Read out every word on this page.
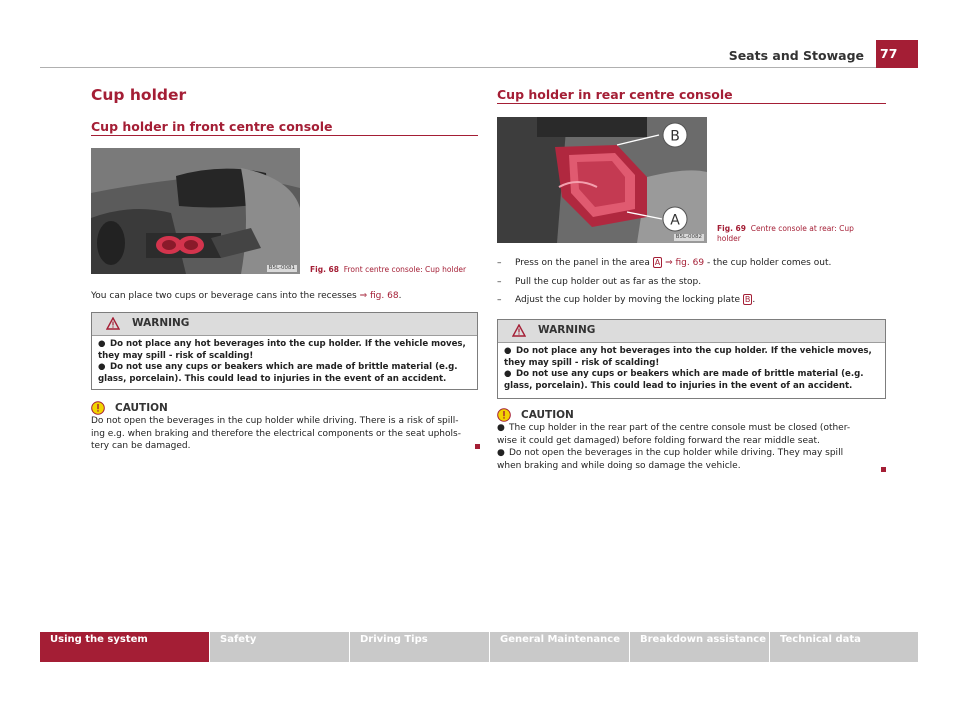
Seats and Stowage	77
Cup holder
Cup holder in front centre console
B5L-0081 Fig. 68 Front centre console: Cup holder
You can place two cups or beverage cans into the recesses ⇒ fig. 68.
WARNING
● Do not place any hot beverages into the cup holder. If the vehicle moves, they may spill - risk of scalding!
● Do not use any cups or beakers which are made of brittle material (e.g. glass, porcelain). This could lead to injuries in the event of an accident.
CAUTION
Do not open the beverages in the cup holder while driving. There is a risk of spill-
ing e.g. when braking and therefore the electrical components or the seat uphols-
tery can be damaged.
Cup holder in rear centre console
B
A
B5L-0082
Fig. 69 Centre console at rear: Cup
holder
– Press on the panel in the area A ⇒ fig. 69 - the cup holder comes out.
– Pull the cup holder out as far as the stop.
– Adjust the cup holder by moving the locking plate B .
WARNING
● Do not place any hot beverages into the cup holder. If the vehicle moves, they may spill - risk of scalding!
● Do not use any cups or beakers which are made of brittle material (e.g. glass, porcelain). This could lead to injuries in the event of an accident.
CAUTION
● The cup holder in the rear part of the centre console must be closed (other-
wise it could get damaged) before folding forward the rear middle seat.
● Do not open the beverages in the cup holder while driving. They may spill
when braking and while doing so damage the vehicle.
Using the system	Safety	Driving Tips	General Maintenance	Breakdown assistance	Technical data
